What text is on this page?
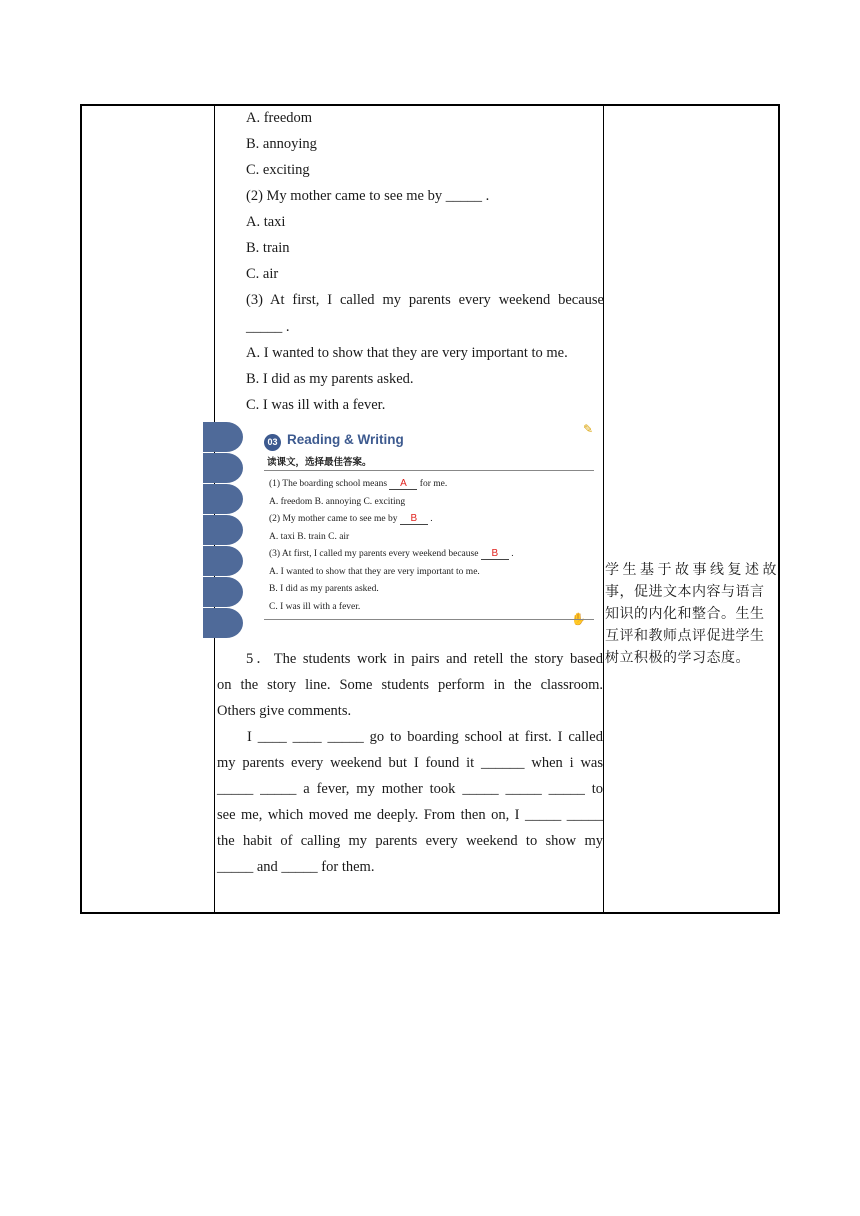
A. freedom
B. annoying
C. exciting
(2) My mother came to see me by _____ .
A. taxi
B. train
C. air
(3) At first, I called my parents every weekend because
_____ .
A. I wanted to show that they are very important to me.
B. I did as my parents asked.
C. I was ill with a fever.
5．The students work in pairs and retell the story based
on the story line. Some students perform in the classroom.
Others give comments.
I ____ ____ _____ go to boarding school at first. I called
my parents every weekend but I found it ______ when i was
_____ _____ a fever, my mother took _____ _____ _____ to
see me, which moved me deeply. From then on, I _____ _____
the habit of calling my parents every weekend to show my
_____ and _____ for them.
✎
✋
03 Reading & Writing
读课文，选择最佳答案。
(1) The boarding school means A for me.
A. freedom B. annoying C. exciting
(2) My mother came to see me by B .
A. taxi B. train C. air
(3) At first, I called my parents every weekend because B .
A. I wanted to show that they are very important to me.
B. I did as my parents asked.
C. I was ill with a fever.
学生基于故事线复述故
事，促进文本内容与语言
知识的内化和整合。生生
互评和教师点评促进学生
树立积极的学习态度。
